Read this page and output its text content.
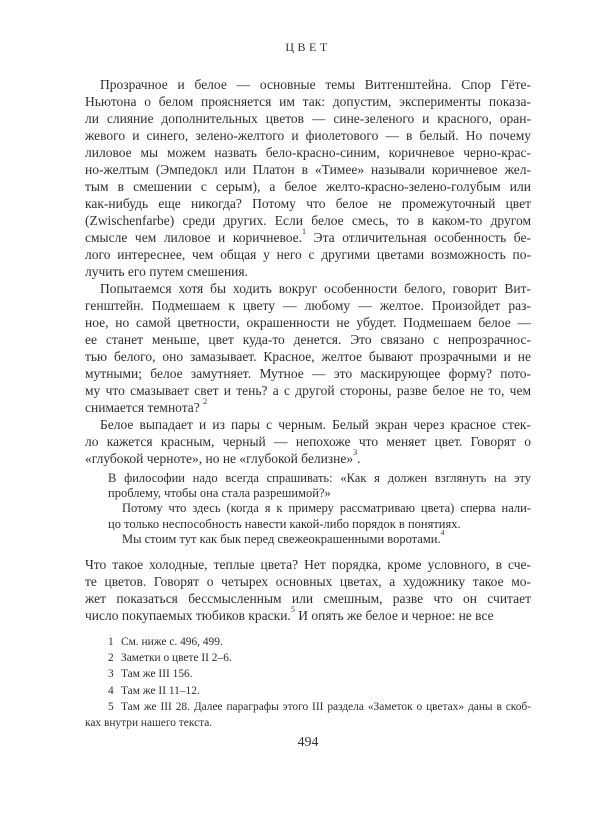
ЦВЕТ
Прозрачное и белое — основные темы Витгенштейна. Спор Гёте-
Ньютона о белом проясняется им так: допустим, эксперименты показа-
ли слияние дополнительных цветов — сине-зеленого и красного, оран-
жевого и синего, зелено-желтого и фиолетового — в белый. Но почему
лиловое мы можем назвать бело-красно-синим, коричневое черно-крас-
но-желтым (Эмпедокл или Платон в «Тимее» называли коричневое жел-
тым в смешении с серым), а белое желто-красно-зелено-голубым или
как-нибудь еще никогда? Потому что белое не промежуточный цвет
(Zwischenfarbe) среди других. Если белое смесь, то в каком-то другом
смысле чем лиловое и коричневое.$^1$ Эта отличительная особенность бе-
лого интереснее, чем общая у него с другими цветами возможность по-
лучить его путем смешения.
Попытаемся хотя бы ходить вокруг особенности белого, говорит Вит-
генштейн. Подмешаем к цвету — любому — желтое. Произойдет раз-
ное, но самой цветности, окрашенности не убудет. Подмешаем белое —
ее станет меньше, цвет куда-то денется. Это связано с непрозрачнос-
тью белого, оно замазывает. Красное, желтое бывают прозрачными и не
мутными; белое замутняет. Мутное — это маскирующее форму? пото-
му что смазывает свет и тень? а с другой стороны, разве белое не то, чем
снимается темнота? $^2$
Белое выпадает и из пары с черным. Белый экран через красное стек-
ло кажется красным, черный — непохоже что меняет цвет. Говорят о
«глубокой черноте», но не «глубокой белизне»$^3$.
В философии надо всегда спрашивать: «Как я должен взглянуть на эту
проблему, чтобы она стала разрешимой?»
Потому что здесь (когда я к примеру рассматриваю цвета) сперва нали-
цо только неспособность навести какой-либо порядок в понятиях.
Мы стоим тут как бык перед свежеокрашенными воротами.$^4$
Что такое холодные, теплые цвета? Нет порядка, кроме условного, в сче-
те цветов. Говорят о четырех основных цветах, а художнику такое мо-
жет показаться бессмысленным или смешным, разве что он считает
число покупаемых тюбиков краски.$^5$ И опять же белое и черное: не все
1 См. ниже с. 496, 499.
2 Заметки о цвете II 2–6.
3 Там же III 156.
4 Там же II 11–12.
5 Там же III 28. Далее параграфы этого III раздела «Заметок о цветах» даны в скоб-
ках внутри нашего текста.
494
